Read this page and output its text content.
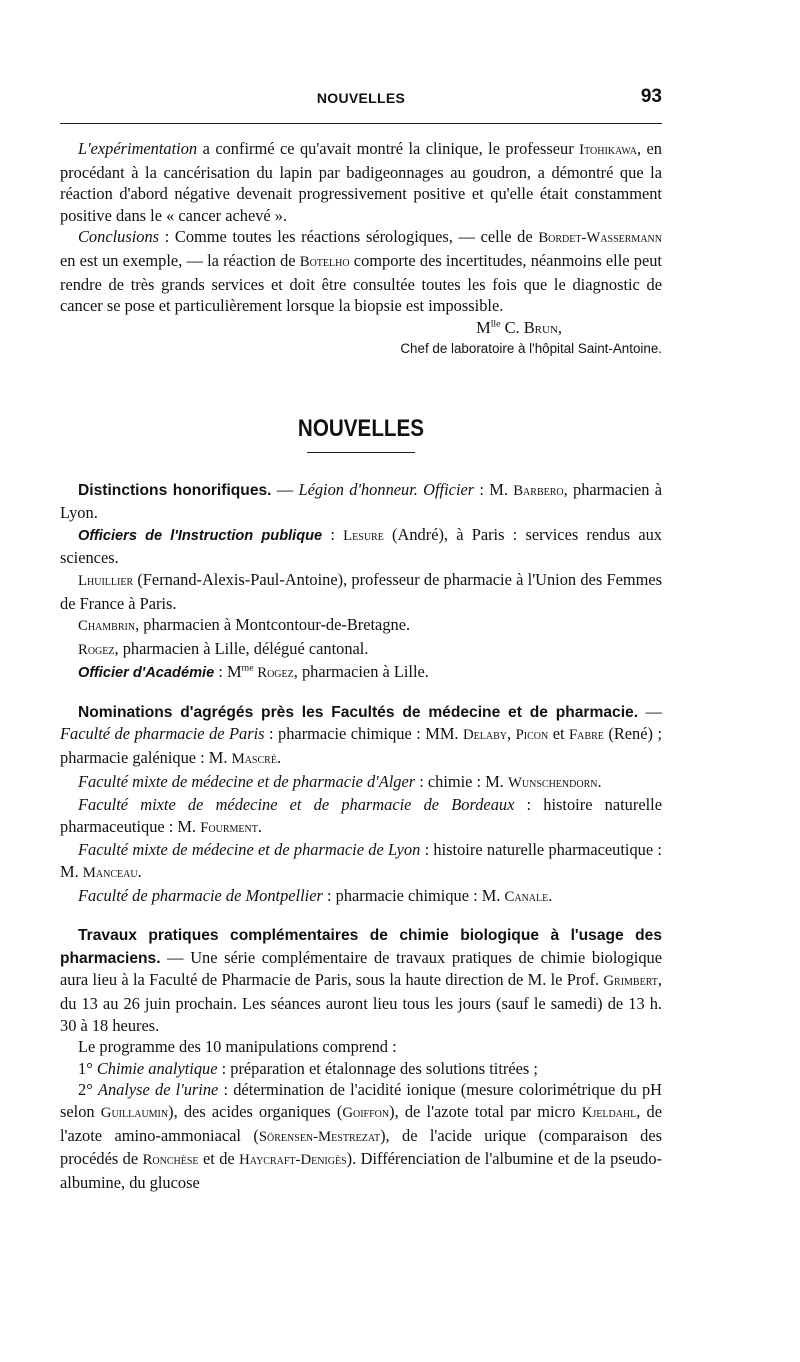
NOUVELLES	93

L'expérimentation a confirmé ce qu'avait montré la clinique, le professeur Itohikawa, en procédant à la cancérisation du lapin par badigeonnages au goudron, a démontré que la réaction d'abord négative devenait progressivement positive et qu'elle était constamment positive dans le « cancer achevé ».

Conclusions : Comme toutes les réactions sérologiques, — celle de Bordet-Wassermann en est un exemple, — la réaction de Botelho comporte des incertitudes, néanmoins elle peut rendre de très grands services et doit être consultée toutes les fois que le diagnostic de cancer se pose et particulièrement lorsque la biopsie est impossible.

$M^{lle}$ C. Brun,

Chef de laboratoire à l'hôpital Saint-Antoine.

NOUVELLES

Distinctions honorifiques. — Légion d'honneur. Officier : M. Barbero, pharmacien à Lyon.

Officiers de l'Instruction publique : Lesure (André), à Paris : services rendus aux sciences.

Lhuillier (Fernand-Alexis-Paul-Antoine), professeur de pharmacie à l'Union des Femmes de France à Paris.

Chambrin, pharmacien à Montcontour-de-Bretagne.

Rogez, pharmacien à Lille, délégué cantonal.

Officier d'Académie : $M^{me}$ Rogez, pharmacien à Lille.

Nominations d'agrégés près les Facultés de médecine et de pharmacie. — Faculté de pharmacie de Paris : pharmacie chimique : MM. Delaby, Picon et Fabre (René) ; pharmacie galénique : M. Mascré.

Faculté mixte de médecine et de pharmacie d'Alger : chimie : M. Wunschendorn.

Faculté mixte de médecine et de pharmacie de Bordeaux : histoire naturelle pharmaceutique : M. Fourment.

Faculté mixte de médecine et de pharmacie de Lyon : histoire naturelle pharmaceutique : M. Manceau.

Faculté de pharmacie de Montpellier : pharmacie chimique : M. Canale.

Travaux pratiques complémentaires de chimie biologique à l'usage des pharmaciens. — Une série complémentaire de travaux pratiques de chimie biologique aura lieu à la Faculté de Pharmacie de Paris, sous la haute direction de M. le Prof. Grimbert, du 13 au 26 juin prochain. Les séances auront lieu tous les jours (sauf le samedi) de 13 h. 30 à 18 heures.

Le programme des 10 manipulations comprend :

1° Chimie analytique : préparation et étalonnage des solutions titrées ;

2° Analyse de l'urine : détermination de l'acidité ionique (mesure colorimétrique du pH selon Guillaumin), des acides organiques (Goiffon), de l'azote total par micro Kjeldahl, de l'azote amino-ammoniacal (Sörensen-Mestrezat), de l'acide urique (comparaison des procédés de Ronchèse et de Haycraft-Denigès). Différenciation de l'albumine et de la pseudo-albumine, du glucose
